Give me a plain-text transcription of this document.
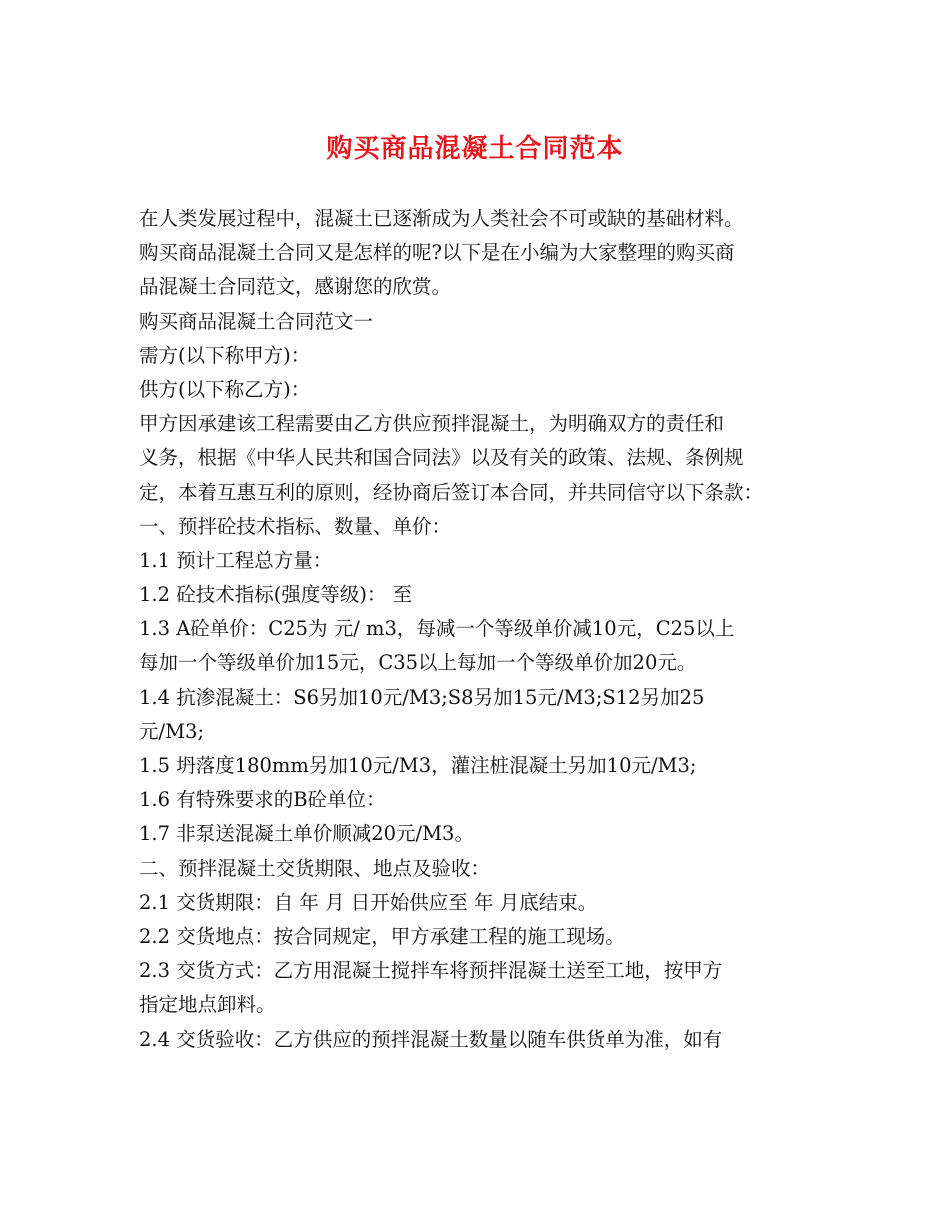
购买商品混凝土合同范本
在人类发展过程中，混凝土已逐渐成为人类社会不可或缺的基础材料。
购买商品混凝土合同又是怎样的呢?以下是在小编为大家整理的购买商
品混凝土合同范文，感谢您的欣赏。
购买商品混凝土合同范文一
需方(以下称甲方)：
供方(以下称乙方)：
甲方因承建该工程需要由乙方供应预拌混凝土，为明确双方的责任和
义务，根据《中华人民共和国合同法》以及有关的政策、法规、条例规
定，本着互惠互利的原则，经协商后签订本合同，并共同信守以下条款：
一、预拌砼技术指标、数量、单价：
1.1 预计工程总方量：
1.2 砼技术指标(强度等级)： 至
1.3 A砼单价：C25为 元/ m3，每减一个等级单价减10元，C25以上
每加一个等级单价加15元，C35以上每加一个等级单价加20元。
1.4 抗渗混凝土：S6另加10元/M3;S8另加15元/M3;S12另加25
元/M3;
1.5 坍落度180mm另加10元/M3，灌注桩混凝土另加10元/M3;
1.6 有特殊要求的B砼单位：
1.7 非泵送混凝土单价顺减20元/M3。
二、预拌混凝土交货期限、地点及验收：
2.1 交货期限：自 年 月 日开始供应至 年 月底结束。
2.2 交货地点：按合同规定，甲方承建工程的施工现场。
2.3 交货方式：乙方用混凝土搅拌车将预拌混凝土送至工地，按甲方
指定地点卸料。
2.4 交货验收：乙方供应的预拌混凝土数量以随车供货单为准，如有
